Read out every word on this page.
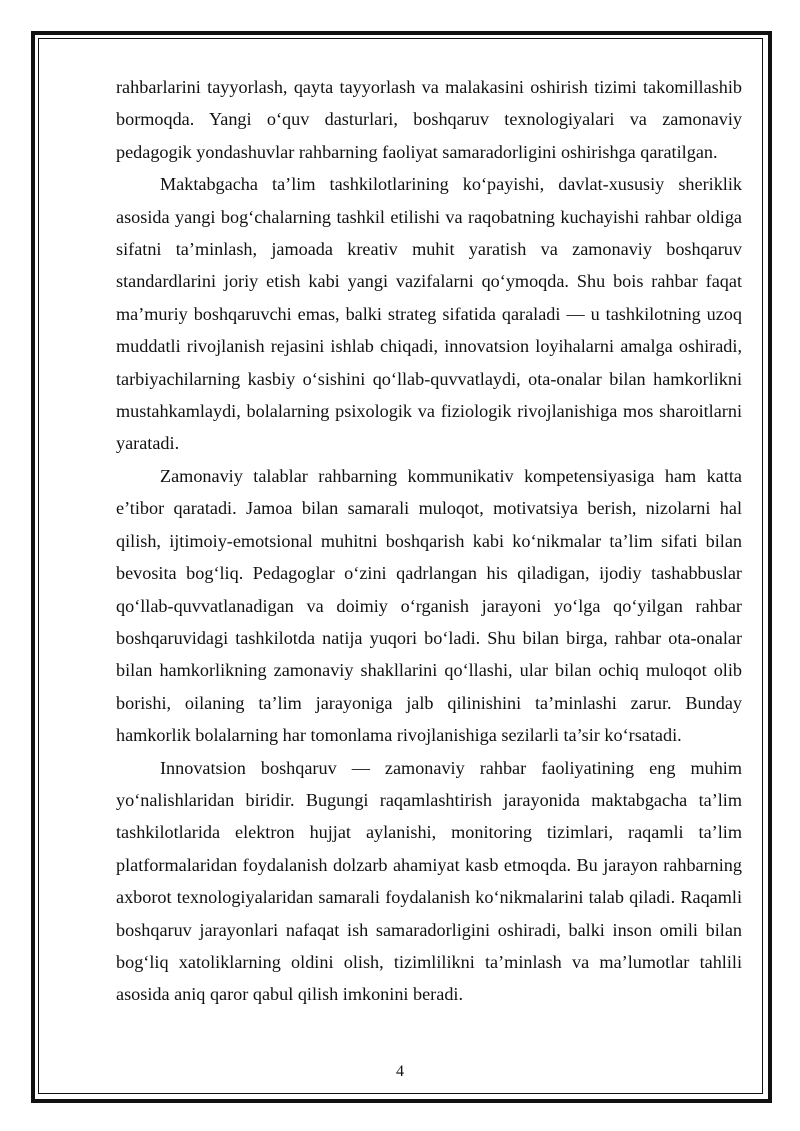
rahbarlarini tayyorlash, qayta tayyorlash va malakasini oshirish tizimi takomillashib bormoqda. Yangi o‘quv dasturlari, boshqaruv texnologiyalari va zamonaviy pedagogik yondashuvlar rahbarning faoliyat samaradorligini oshirishga qaratilgan.

Maktabgacha ta’lim tashkilotlarining ko‘payishi, davlat-xususiy sheriklik asosida yangi bog‘chalarning tashkil etilishi va raqobatning kuchayishi rahbar oldiga sifatni ta’minlash, jamoada kreativ muhit yaratish va zamonaviy boshqaruv standardlarini joriy etish kabi yangi vazifalarni qo‘ymoqda. Shu bois rahbar faqat ma’muriy boshqaruvchi emas, balki strateg sifatida qaraladi — u tashkilotning uzoq muddatli rivojlanish rejasini ishlab chiqadi, innovatsion loyihalarni amalga oshiradi, tarbiyachilarning kasbiy o‘sishini qo‘llab-quvvatlaydi, ota-onalar bilan hamkorlikni mustahkamlaydi, bolalarning psixologik va fiziologik rivojlanishiga mos sharoitlarni yaratadi.

Zamonaviy talablar rahbarning kommunikativ kompetensiyasiga ham katta e’tibor qaratadi. Jamoa bilan samarali muloqot, motivatsiya berish, nizolarni hal qilish, ijtimoiy-emotsional muhitni boshqarish kabi ko‘nikmalar ta’lim sifati bilan bevosita bog‘liq. Pedagoglar o‘zini qadrlangan his qiladigan, ijodiy tashabbuslar qo‘llab-quvvatlanadigan va doimiy o‘rganish jarayoni yo‘lga qo‘yilgan rahbar boshqaruvidagi tashkilotda natija yuqori bo‘ladi. Shu bilan birga, rahbar ota-onalar bilan hamkorlikning zamonaviy shakllarini qo‘llashi, ular bilan ochiq muloqot olib borishi, oilaning ta’lim jarayoniga jalb qilinishini ta’minlashi zarur. Bunday hamkorlik bolalarning har tomonlama rivojlanishiga sezilarli ta’sir ko‘rsatadi.

Innovatsion boshqaruv — zamonaviy rahbar faoliyatining eng muhim yo‘nalishlaridan biridir. Bugungi raqamlashtirish jarayonida maktabgacha ta’lim tashkilotlarida elektron hujjat aylanishi, monitoring tizimlari, raqamli ta’lim platformalaridan foydalanish dolzarb ahamiyat kasb etmoqda. Bu jarayon rahbarning axborot texnologiyalaridan samarali foydalanish ko‘nikmalarini talab qiladi. Raqamli boshqaruv jarayonlari nafaqat ish samaradorligini oshiradi, balki inson omili bilan bog‘liq xatoliklarning oldini olish, tizimlilikni ta’minlash va ma’lumotlar tahlili asosida aniq qaror qabul qilish imkonini beradi.

4
